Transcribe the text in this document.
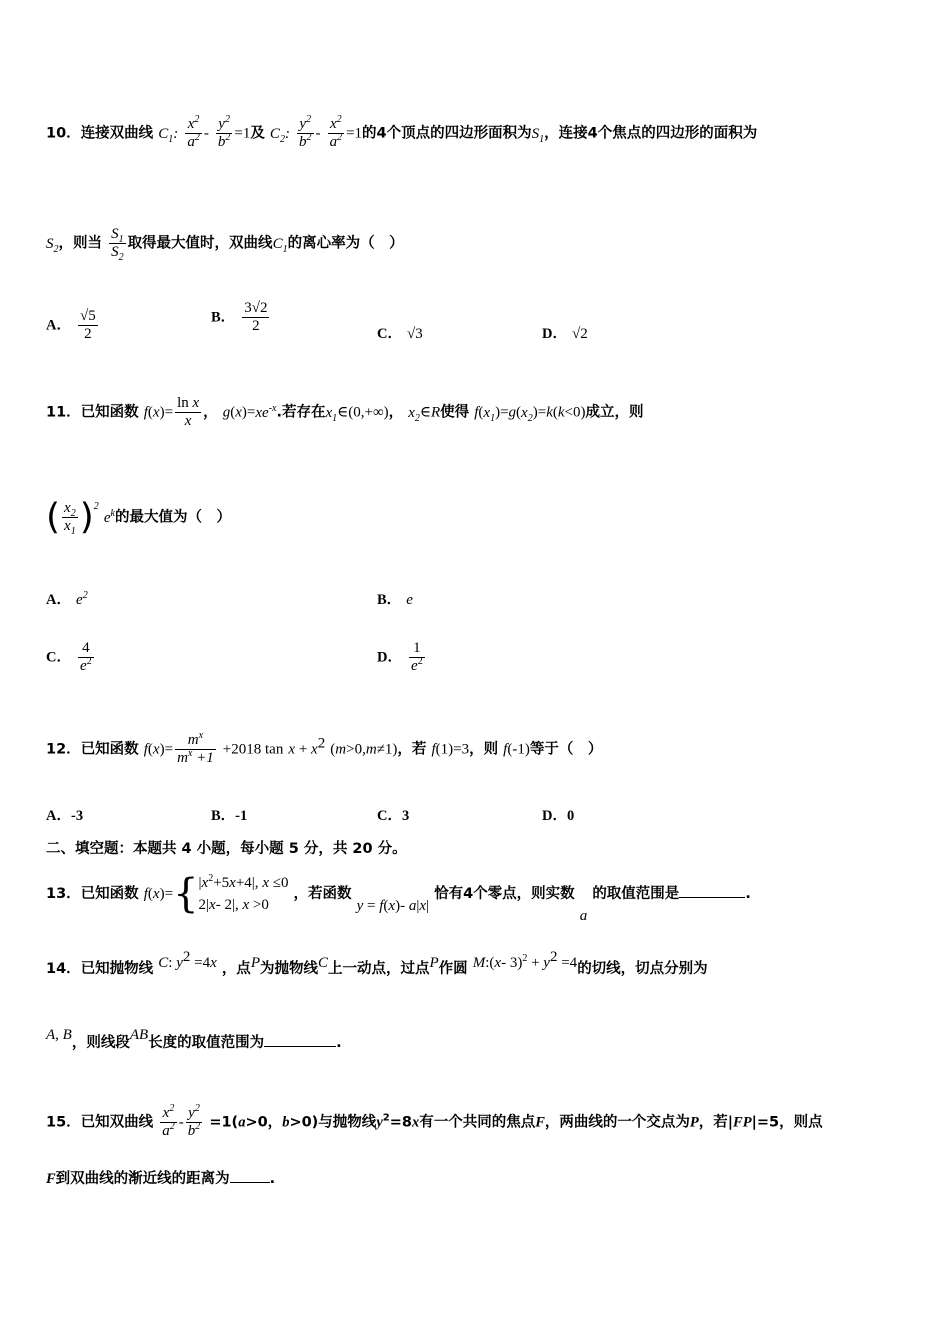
10．连接双曲线 $C_1$: $\frac{x^2}{a^2} - \frac{y^2}{b^2} =1$及 $C_2$: $\frac{y^2}{b^2} - \frac{x^2}{a^2} =1$的4个顶点的四边形面积为$S_1$，连接4个焦点的四边形的面积为
$S_2$，则当 $\frac{S_1}{S_2}$ 取得最大值时，双曲线$C_1$的离心率为（　）
A． $\frac{√5}{2}$	B． $\frac{3√2}{2}$	C． √3	D． √2
11．已知函数 $f(x)= \frac{\text{ln x}}{x}$ ， $g(x)=xe^{-x}$.若存在$x_1\in(0,+\infty)$， $x_2\in R$使得 $f(x_1)=g(x_2)=k(k<0)$成立，则
( $\frac{x_2}{x_1} )^2$ $e^k$的最大值为（　）
A． $e^2$	B． e
C． $\frac{4}{e^2}$	D． $\frac{1}{e^2}$
12．已知函数 $f(x)= \frac{m^x}{m^x +1} +2018$ $\tan x + x^2$ (m>0,m≠1)，若 f(1)=3，则 f(-1)等于（　）
A．-3	B．-1	C．3	D．0
二、填空题：本题共 4 小题，每小题 5 分，共 20 分。
13．已知函数 f(x)={ $|x^2+5x+4|$, x ≤0
2|x- 2|, x >0
，若函数 y = f(x)- a|x| 恰有4个零点，则实数 a 的取值范围是	.
14．已知抛物线 C: $y^2 =4x$ ，点P为抛物线C上一动点，过点P作圆 M:(x- $3)^2 + y^2 =4$的切线，切点分别为
A, B，则线段AB长度的取值范围为	.
15．已知双曲线 $\frac{x^2}{a^2} - \frac{y^2}{b^2} =1(a>0$，b>0)与抛物线$y^2=8x$有一个共同的焦点F，两曲线的一个交点为P，若|FP|=5，则点
F到双曲线的渐近线的距离为	.
